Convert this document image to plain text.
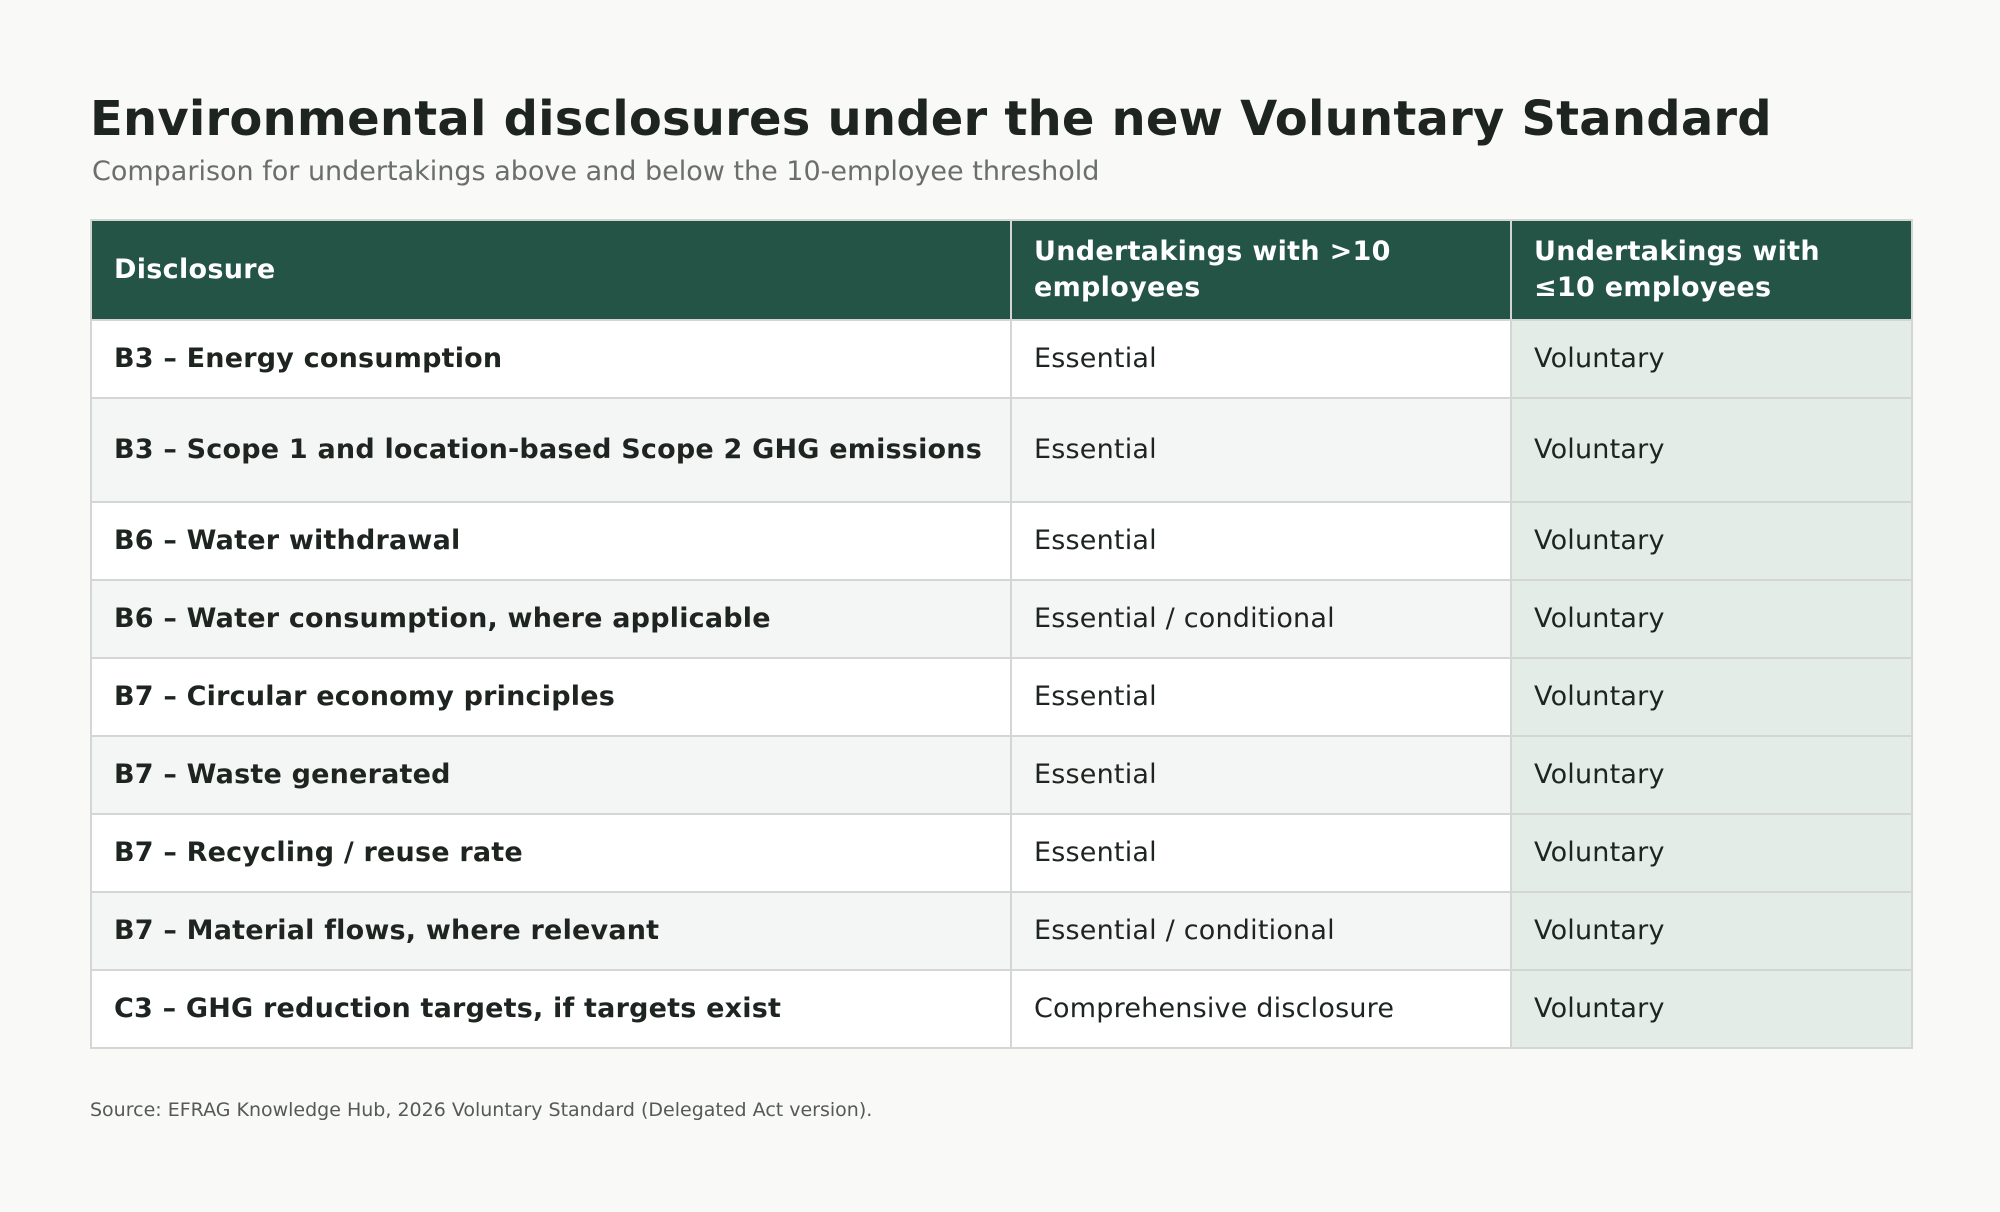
Environmental disclosures under the new Voluntary Standard

Comparison for undertakings above and below the 10-employee threshold

Disclosure	Undertakings with >10 employees	Undertakings with ≤10 employees
B3 – Energy consumption	Essential	Voluntary
B3 – Scope 1 and location-based Scope 2 GHG emissions	Essential	Voluntary
B6 – Water withdrawal	Essential	Voluntary
B6 – Water consumption, where applicable	Essential / conditional	Voluntary
B7 – Circular economy principles	Essential	Voluntary
B7 – Waste generated	Essential	Voluntary
B7 – Recycling / reuse rate	Essential	Voluntary
B7 – Material flows, where relevant	Essential / conditional	Voluntary
C3 – GHG reduction targets, if targets exist	Comprehensive disclosure	Voluntary

Source: EFRAG Knowledge Hub, 2026 Voluntary Standard (Delegated Act version).
